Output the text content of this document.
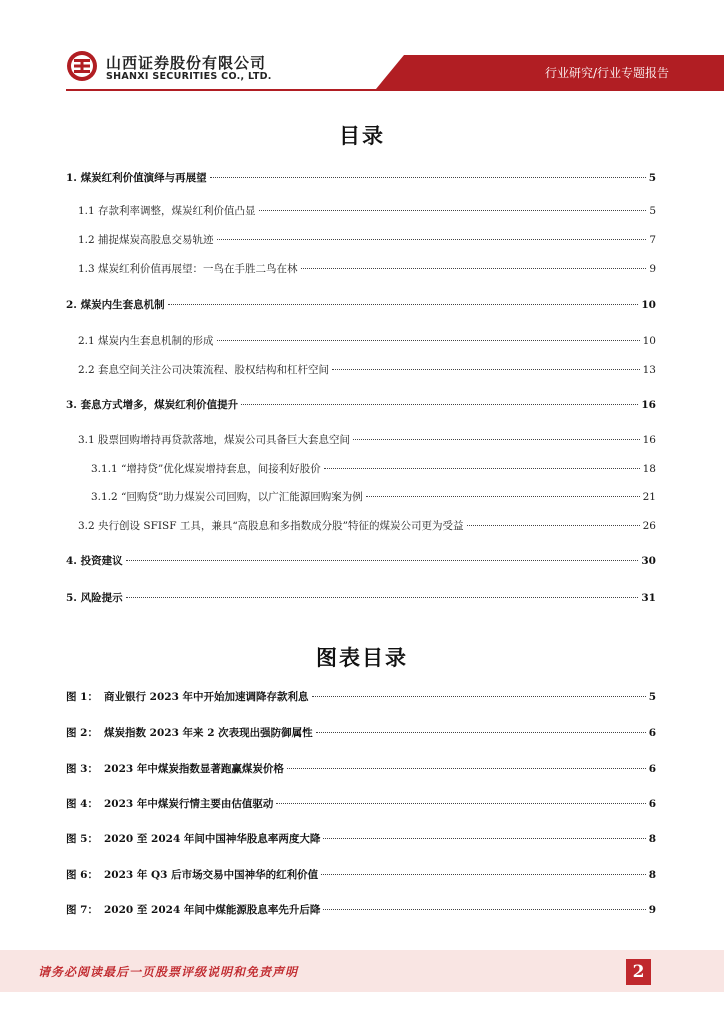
山西证券股份有限公司
SHANXI SECURITIES CO., LTD.	行业研究/行业专题报告
目录
1. 煤炭红利价值演绎与再展望	5
1.1 存款利率调整，煤炭红利价值凸显	5
1.2 捕捉煤炭高股息交易轨迹	7
1.3 煤炭红利价值再展望：一鸟在手胜二鸟在林	9
2. 煤炭内生套息机制	10
2.1 煤炭内生套息机制的形成	10
2.2 套息空间关注公司决策流程、股权结构和杠杆空间	13
3. 套息方式增多，煤炭红利价值提升	16
3.1 股票回购增持再贷款落地，煤炭公司具备巨大套息空间	16
3.1.1 “增持贷”优化煤炭增持套息，间接利好股价	18
3.1.2 “回购贷”助力煤炭公司回购，以广汇能源回购案为例	21
3.2 央行创设 SFISF 工具，兼具“高股息和多指数成分股”特征的煤炭公司更为受益	26
4. 投资建议	30
5. 风险提示	31
图表目录
图 1： 商业银行 2023 年中开始加速调降存款利息	5
图 2： 煤炭指数 2023 年来 2 次表现出强防御属性	6
图 3： 2023 年中煤炭指数显著跑赢煤炭价格	6
图 4： 2023 年中煤炭行情主要由估值驱动	6
图 5： 2020 至 2024 年间中国神华股息率两度大降	8
图 6： 2023 年 Q3 后市场交易中国神华的红利价值	8
图 7： 2020 至 2024 年间中煤能源股息率先升后降	9
请务必阅读最后一页股票评级说明和免责声明	2
